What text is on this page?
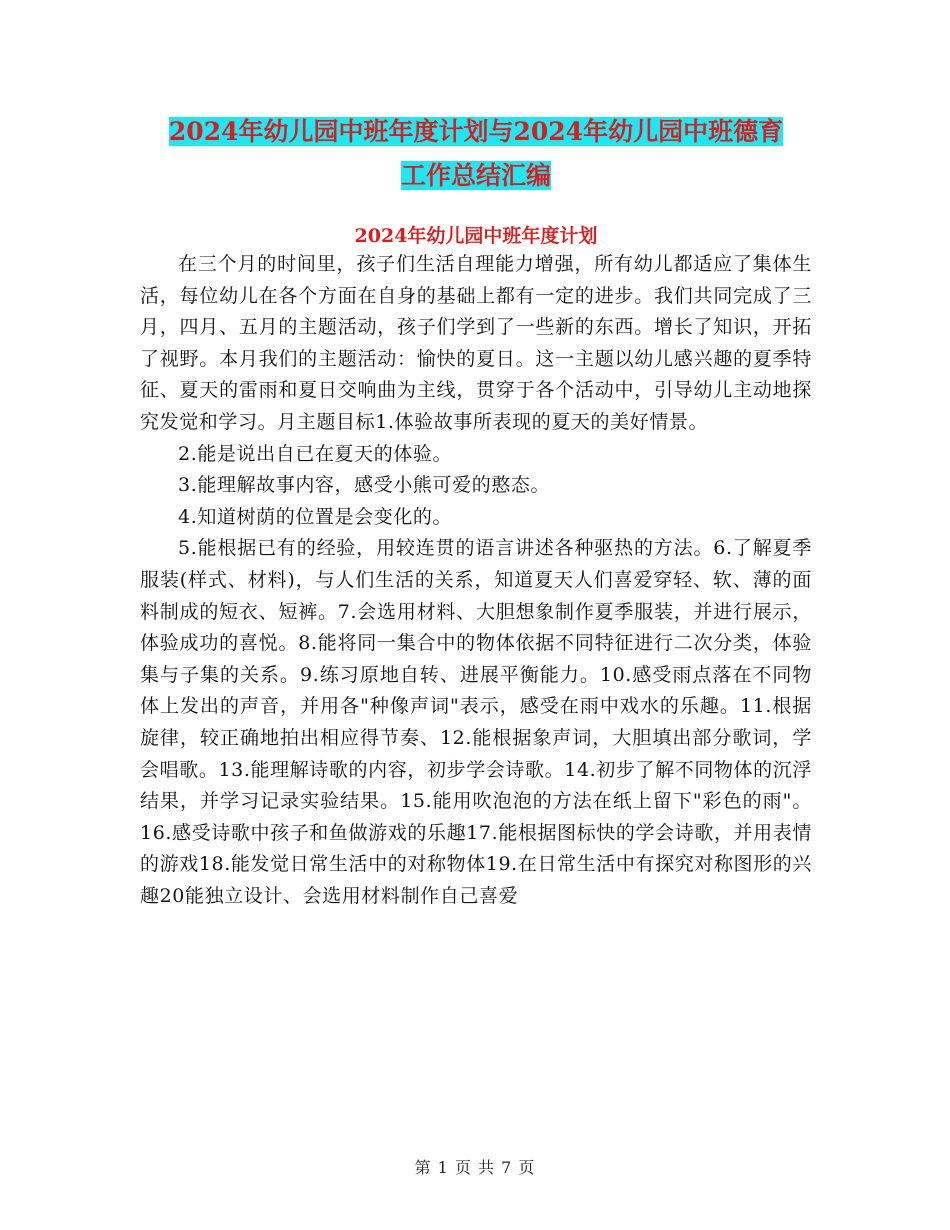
2024年幼儿园中班年度计划与2024年幼儿园中班德育
工作总结汇编
2024年幼儿园中班年度计划

在三个月的时间里，孩子们生活自理能力增强，所有幼儿都适应了集体生活，每位幼儿在各个方面在自身的基础上都有一定的进步。我们共同完成了三月，四月、五月的主题活动，孩子们学到了一些新的东西。增长了知识，开拓了视野。本月我们的主题活动：愉快的夏日。这一主题以幼儿感兴趣的夏季特征、夏天的雷雨和夏日交响曲为主线，贯穿于各个活动中，引导幼儿主动地探究发觉和学习。月主题目标1.体验故事所表现的夏天的美好情景。

2.能是说出自已在夏天的体验。

3.能理解故事内容，感受小熊可爱的憨态。

4.知道树荫的位置是会变化的。

5.能根据已有的经验，用较连贯的语言讲述各种驱热的方法。6.了解夏季服装(样式、材料)，与人们生活的关系，知道夏天人们喜爱穿轻、软、薄的面料制成的短衣、短裤。7.会选用材料、大胆想象制作夏季服装，并进行展示，体验成功的喜悦。8.能将同一集合中的物体依据不同特征进行二次分类，体验集与子集的关系。9.练习原地自转、进展平衡能力。10.感受雨点落在不同物体上发出的声音，并用各"种像声词"表示，感受在雨中戏水的乐趣。11.根据旋律，较正确地拍出相应得节奏、12.能根据象声词，大胆填出部分歌词，学会唱歌。13.能理解诗歌的内容，初步学会诗歌。14.初步了解不同物体的沉浮结果，并学习记录实验结果。15.能用吹泡泡的方法在纸上留下"彩色的雨"。16.感受诗歌中孩子和鱼做游戏的乐趣17.能根据图标快的学会诗歌，并用表情的游戏18.能发觉日常生活中的对称物体19.在日常生活中有探究对称图形的兴趣20能独立设计、会选用材料制作自己喜爱

第 1 页 共 7 页
